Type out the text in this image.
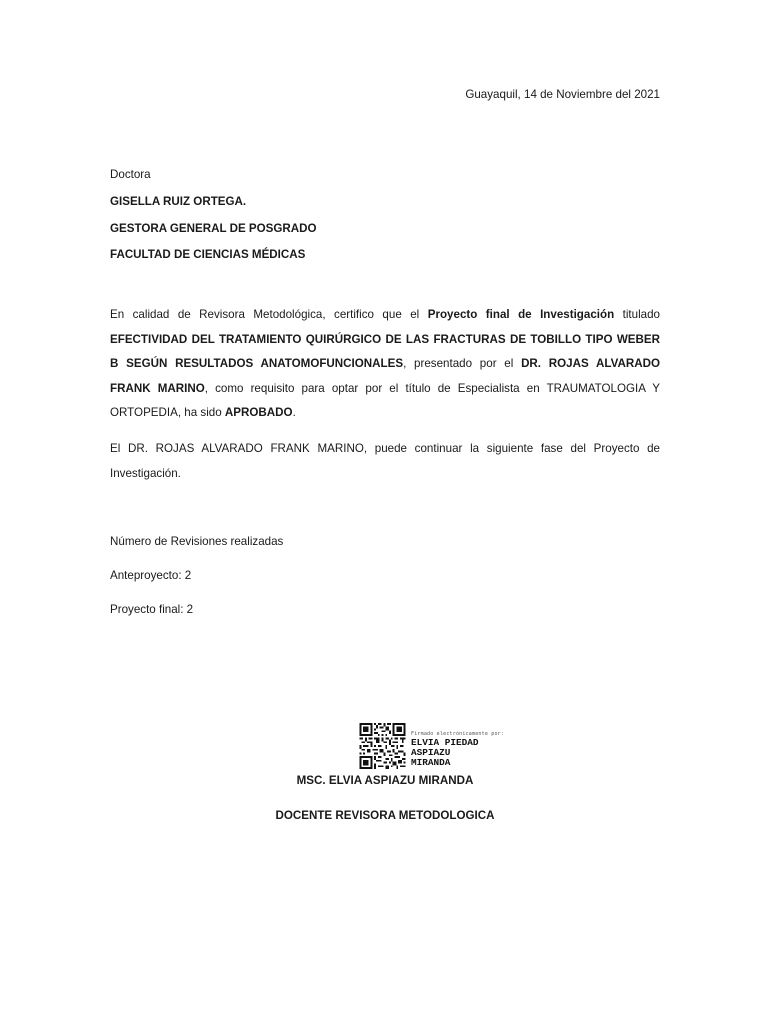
Guayaquil, 14 de Noviembre del 2021
Doctora
GISELLA RUIZ ORTEGA.
GESTORA GENERAL DE POSGRADO
FACULTAD DE CIENCIAS MÉDICAS

En calidad de Revisora Metodológica, certifico que el Proyecto final de Investigación titulado EFECTIVIDAD DEL TRATAMIENTO QUIRÚRGICO DE LAS FRACTURAS DE TOBILLO TIPO WEBER B SEGÚN RESULTADOS ANATOMOFUNCIONALES, presentado por el DR. ROJAS ALVARADO FRANK MARINO, como requisito para optar por el título de Especialista en TRAUMATOLOGIA Y ORTOPEDIA, ha sido APROBADO.

El DR. ROJAS ALVARADO FRANK MARINO, puede continuar la siguiente fase del Proyecto de Investigación.

Número de Revisiones realizadas
Anteproyecto: 2
Proyecto final: 2
Firmado electrónicamente por:
ELVIA PIEDAD
ASPIAZU
MIRANDA
MSC. ELVIA ASPIAZU MIRANDA
DOCENTE REVISORA METODOLOGICA
